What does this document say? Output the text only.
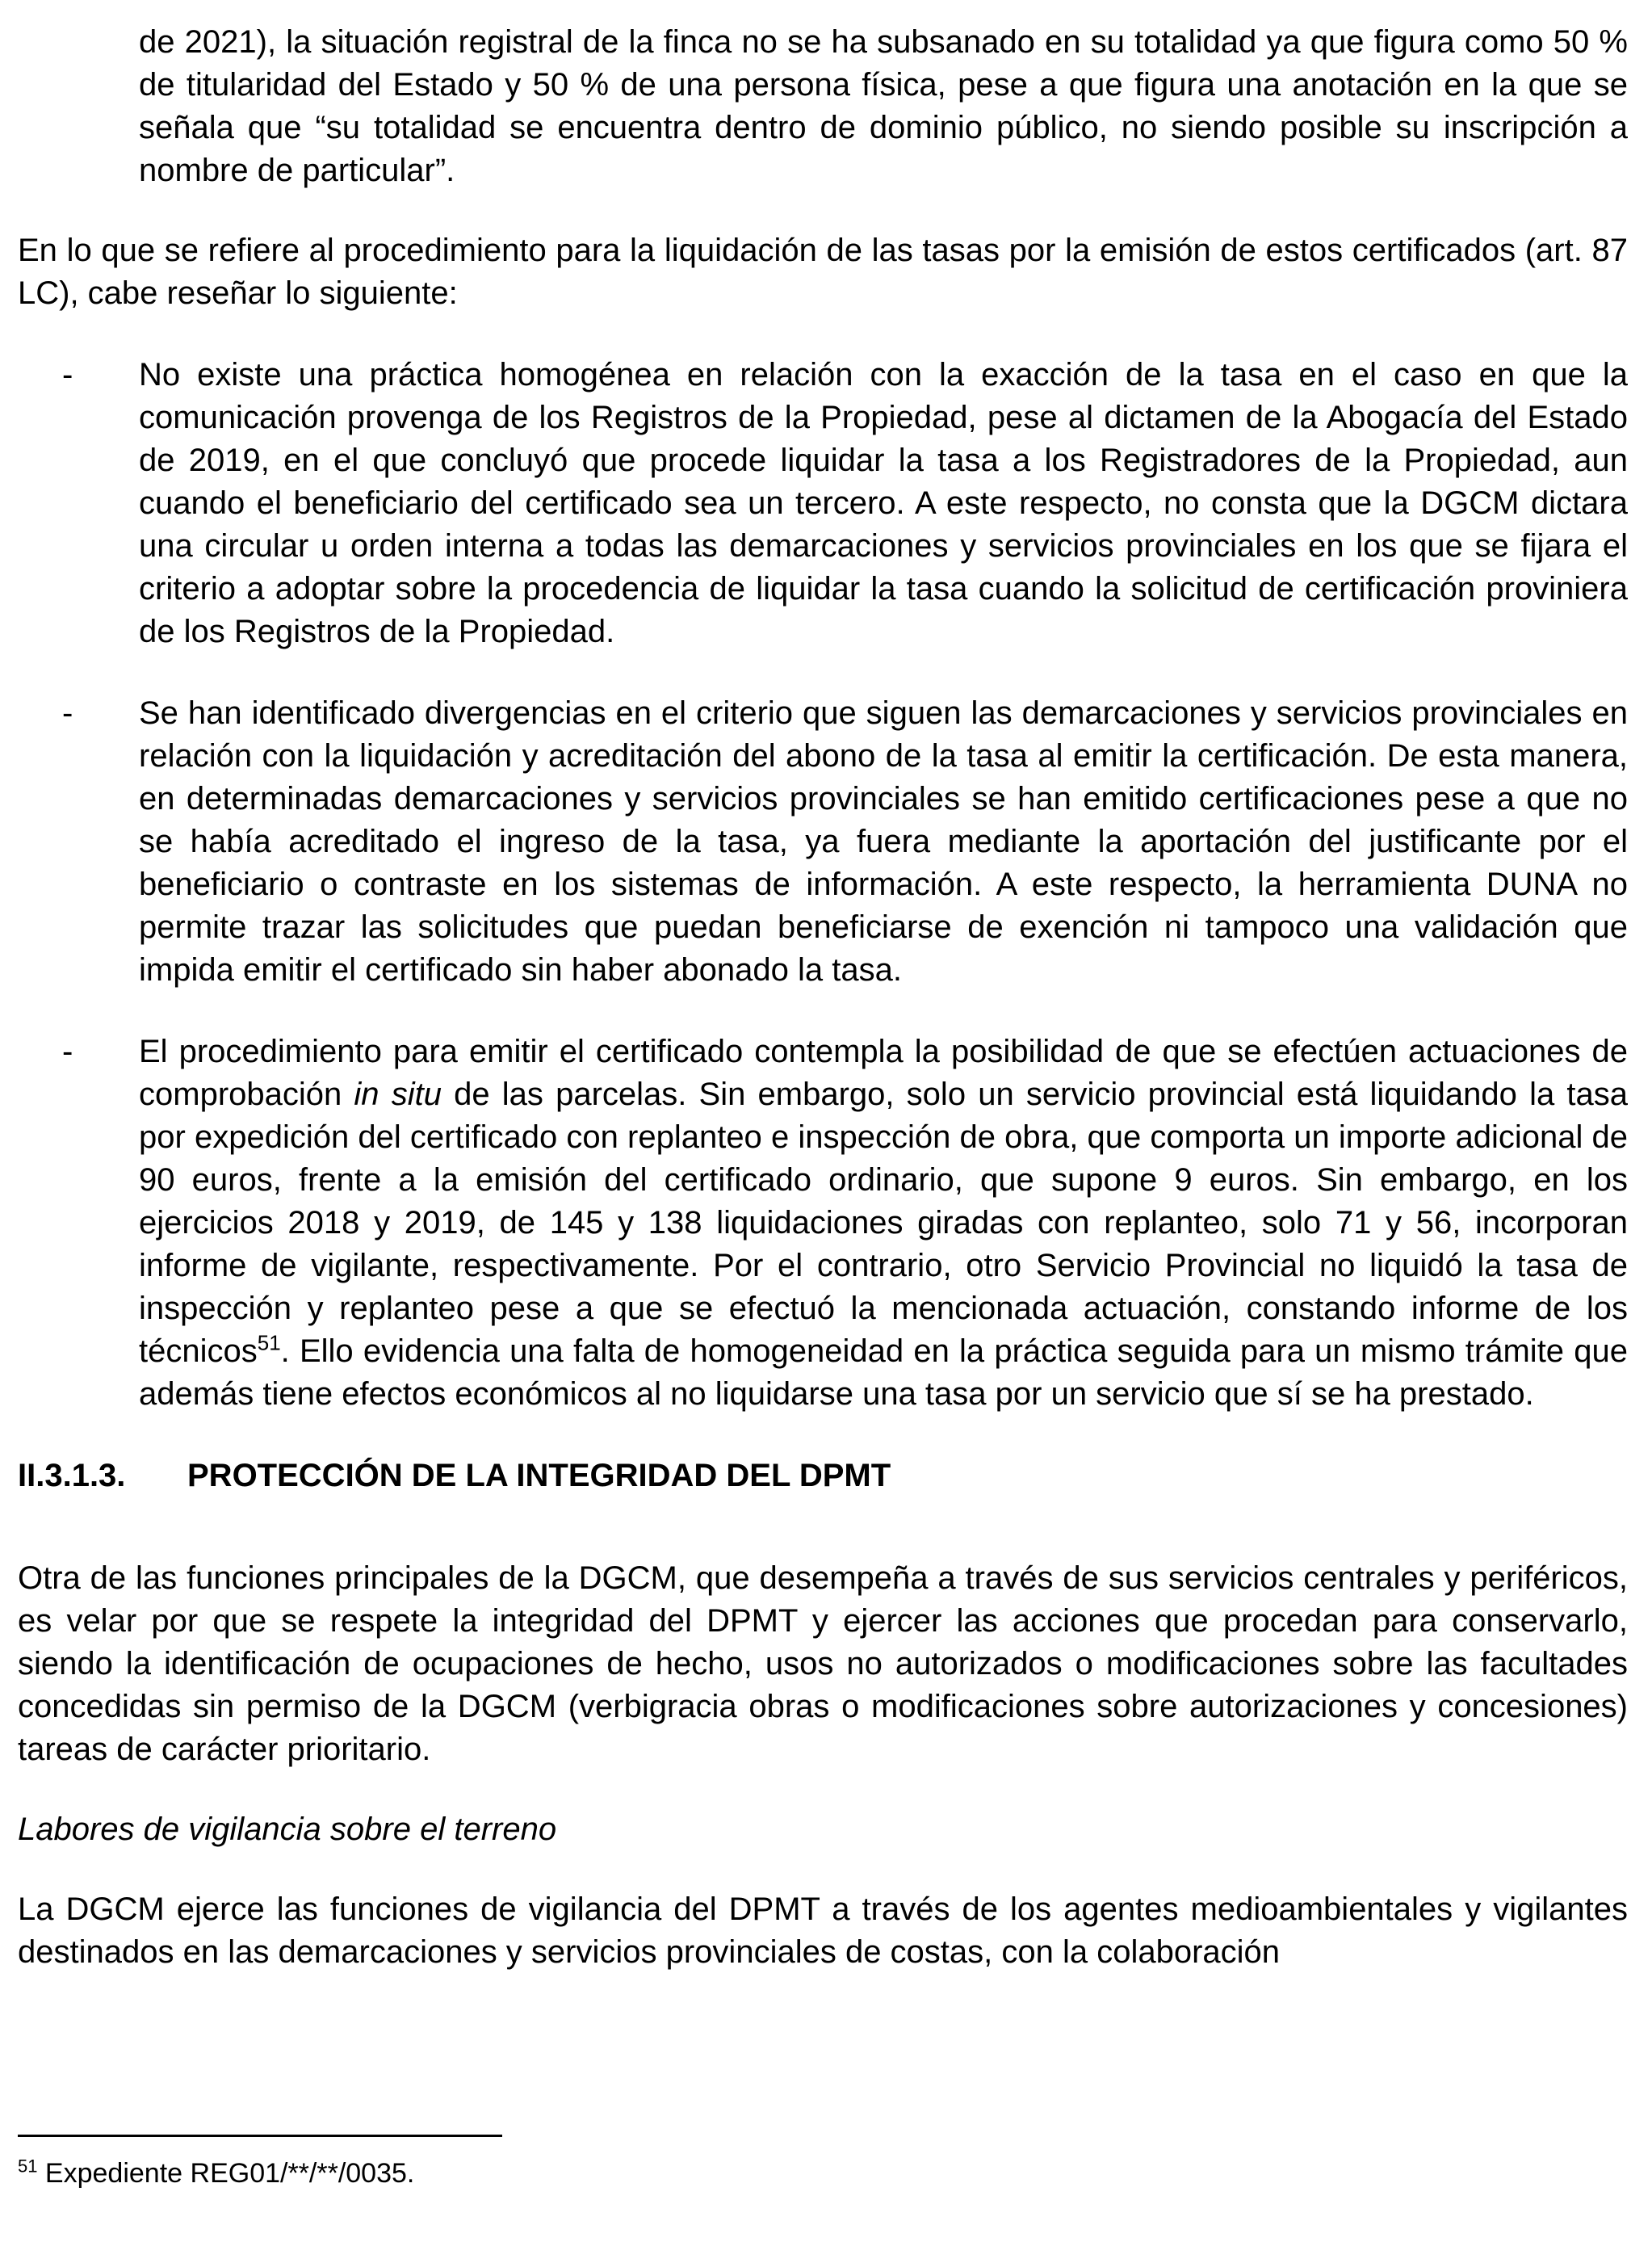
de 2021), la situación registral de la finca no se ha subsanado en su totalidad ya que figura como 50 % de titularidad del Estado y 50 % de una persona física, pese a que figura una anotación en la que se señala que “su totalidad se encuentra dentro de dominio público, no siendo posible su inscripción a nombre de particular”.

En lo que se refiere al procedimiento para la liquidación de las tasas por la emisión de estos certificados (art. 87 LC), cabe reseñar lo siguiente:

- No existe una práctica homogénea en relación con la exacción de la tasa en el caso en que la comunicación provenga de los Registros de la Propiedad, pese al dictamen de la Abogacía del Estado de 2019, en el que concluyó que procede liquidar la tasa a los Registradores de la Propiedad, aun cuando el beneficiario del certificado sea un tercero. A este respecto, no consta que la DGCM dictara una circular u orden interna a todas las demarcaciones y servicios provinciales en los que se fijara el criterio a adoptar sobre la procedencia de liquidar la tasa cuando la solicitud de certificación proviniera de los Registros de la Propiedad.

- Se han identificado divergencias en el criterio que siguen las demarcaciones y servicios provinciales en relación con la liquidación y acreditación del abono de la tasa al emitir la certificación. De esta manera, en determinadas demarcaciones y servicios provinciales se han emitido certificaciones pese a que no se había acreditado el ingreso de la tasa, ya fuera mediante la aportación del justificante por el beneficiario o contraste en los sistemas de información. A este respecto, la herramienta DUNA no permite trazar las solicitudes que puedan beneficiarse de exención ni tampoco una validación que impida emitir el certificado sin haber abonado la tasa.

- El procedimiento para emitir el certificado contempla la posibilidad de que se efectúen actuaciones de comprobación in situ de las parcelas. Sin embargo, solo un servicio provincial está liquidando la tasa por expedición del certificado con replanteo e inspección de obra, que comporta un importe adicional de 90 euros, frente a la emisión del certificado ordinario, que supone 9 euros. Sin embargo, en los ejercicios 2018 y 2019, de 145 y 138 liquidaciones giradas con replanteo, solo 71 y 56, incorporan informe de vigilante, respectivamente. Por el contrario, otro Servicio Provincial no liquidó la tasa de inspección y replanteo pese a que se efectuó la mencionada actuación, constando informe de los técnicos$^{51}$. Ello evidencia una falta de homogeneidad en la práctica seguida para un mismo trámite que además tiene efectos económicos al no liquidarse una tasa por un servicio que sí se ha prestado.

II.3.1.3. PROTECCIÓN DE LA INTEGRIDAD DEL DPMT

Otra de las funciones principales de la DGCM, que desempeña a través de sus servicios centrales y periféricos, es velar por que se respete la integridad del DPMT y ejercer las acciones que procedan para conservarlo, siendo la identificación de ocupaciones de hecho, usos no autorizados o modificaciones sobre las facultades concedidas sin permiso de la DGCM (verbigracia obras o modificaciones sobre autorizaciones y concesiones) tareas de carácter prioritario.

Labores de vigilancia sobre el terreno

La DGCM ejerce las funciones de vigilancia del DPMT a través de los agentes medioambientales y vigilantes destinados en las demarcaciones y servicios provinciales de costas, con la colaboración

$^{51}$ Expediente REG01/**/**/0035.
